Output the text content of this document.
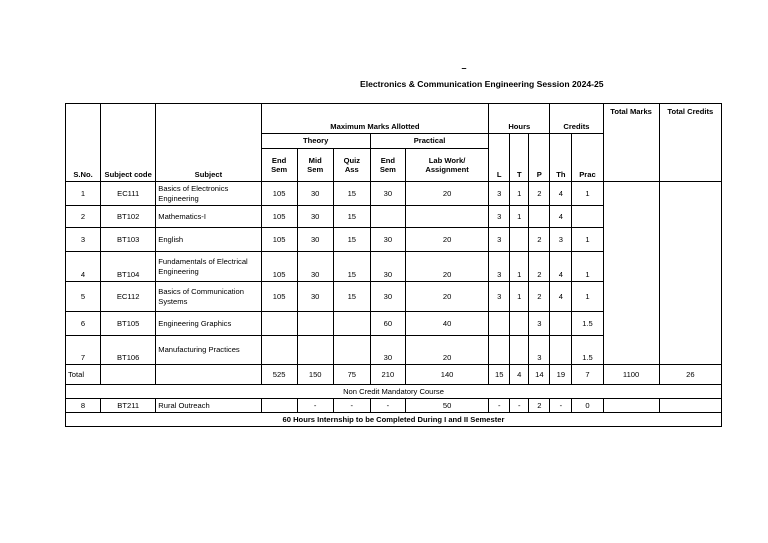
–
Electronics & Communication Engineering Session 2024-25
S.No.	Subject code	Subject	Maximum Marks Allotted					Hours			Credits		Total Marks	Total Credits
			Theory			Practical		L	T	P	Th	Prac		
			End Sem	Mid Sem	Quiz Ass	End Sem	Lab Work/ Assignment							
1	EC111	Basics of Electronics Engineering	105	30	15	30	20	3	1	2	4	1		
2	BT102	Mathematics-I	105	30	15			3	1		4			
3	BT103	English	105	30	15	30	20	3		2	3	1		
4	BT104	Fundamentals of Electrical Engineering	105	30	15	30	20	3	1	2	4	1		
5	EC112	Basics of Communication Systems	105	30	15	30	20	3	1	2	4	1		
6	BT105	Engineering Graphics				60	40			3		1.5		
7	BT106	Manufacturing Practices				30	20			3		1.5		
Total			525	150	75	210	140	15	4	14	19	7	1100	26
Non Credit Mandatory Course														
8	BT211	Rural Outreach		-	-	-	50	-	-	2	-	0		
60 Hours Internship to be Completed During I and II Semester														
